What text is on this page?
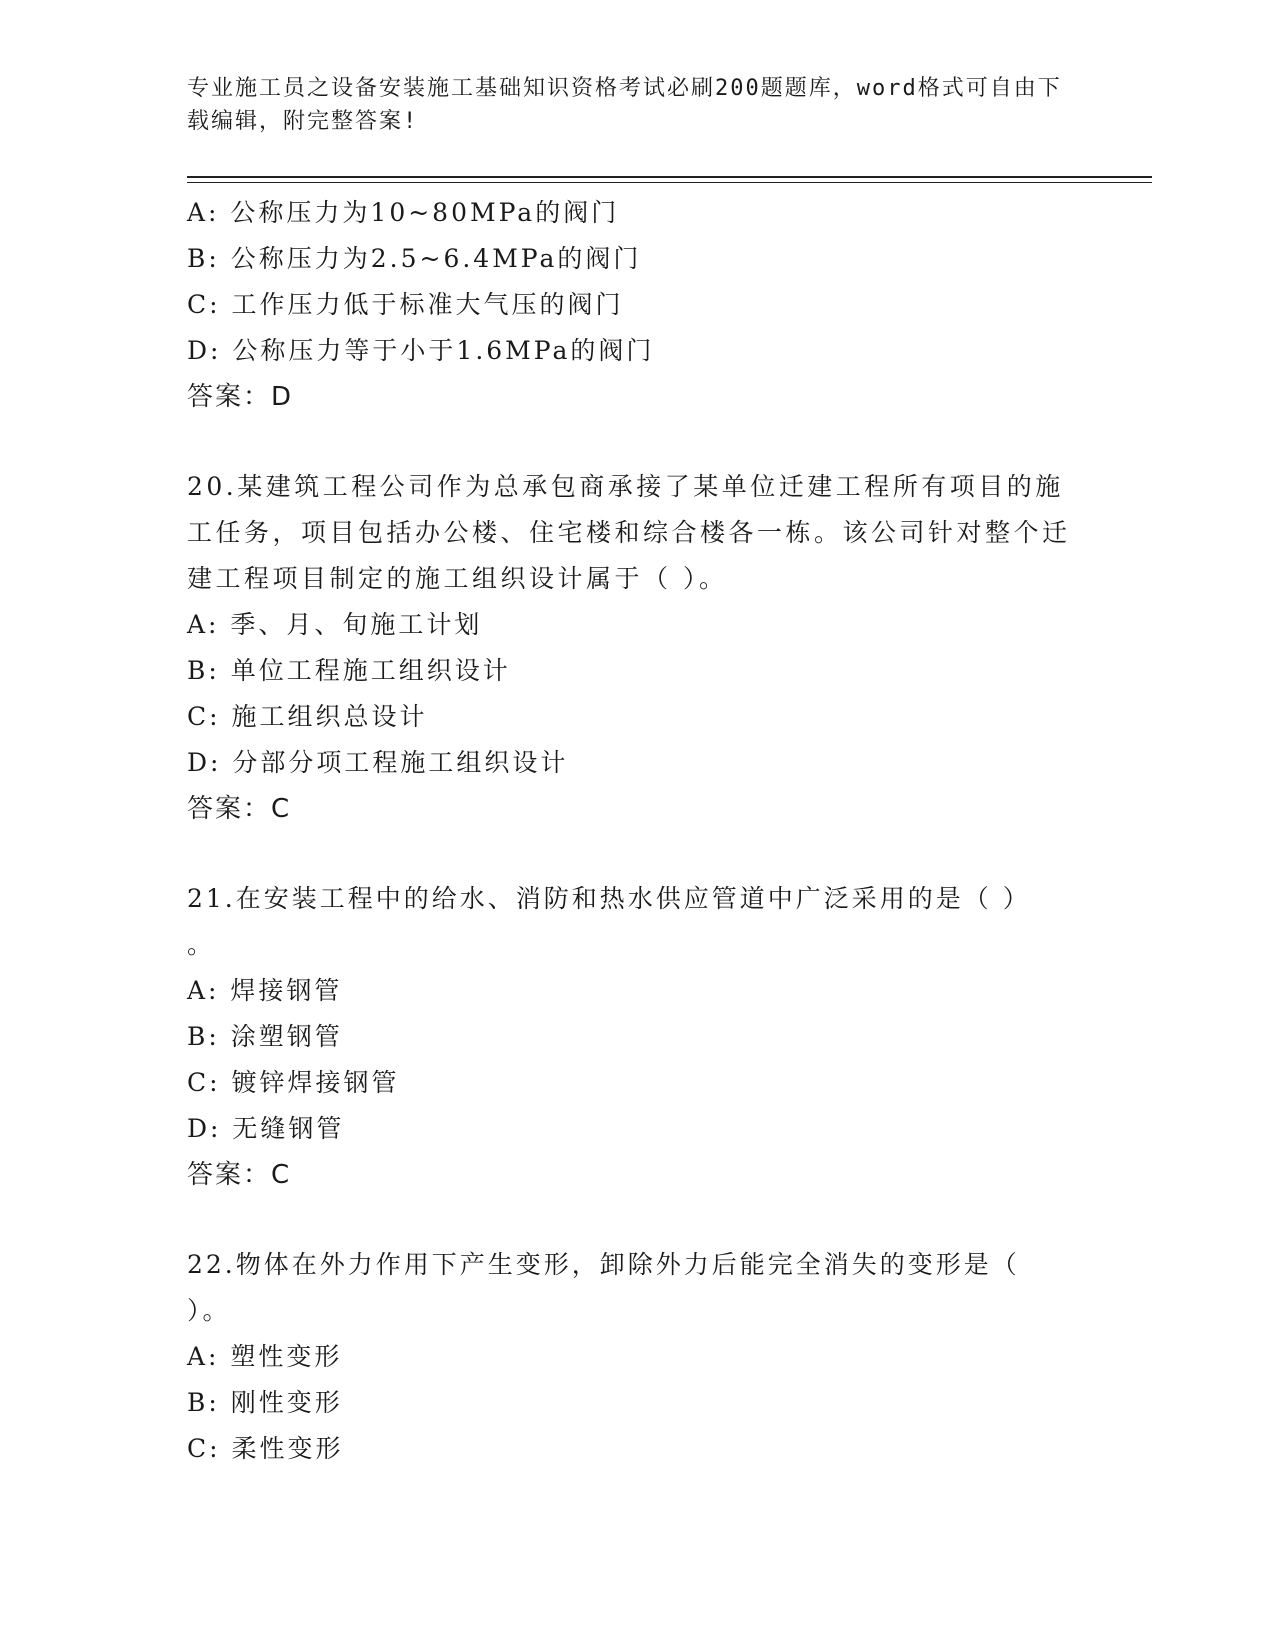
专业施工员之设备安装施工基础知识资格考试必刷200题题库，word格式可自由下载编辑，附完整答案!
A: 公称压力为10~80MPa的阀门
B: 公称压力为2.5~6.4MPa的阀门
C: 工作压力低于标准大气压的阀门
D: 公称压力等于小于1.6MPa的阀门
答案：D
20.某建筑工程公司作为总承包商承接了某单位迁建工程所有项目的施工任务，项目包括办公楼、住宅楼和综合楼各一栋。该公司针对整个迁建工程项目制定的施工组织设计属于（ ）。
A: 季、月、旬施工计划
B: 单位工程施工组织设计
C: 施工组织总设计
D: 分部分项工程施工组织设计
答案：C
21.在安装工程中的给水、消防和热水供应管道中广泛采用的是（ ）
。
A: 焊接钢管
B: 涂塑钢管
C: 镀锌焊接钢管
D: 无缝钢管
答案：C
22.物体在外力作用下产生变形，卸除外力后能完全消失的变形是（
）。
A: 塑性变形
B: 刚性变形
C: 柔性变形
